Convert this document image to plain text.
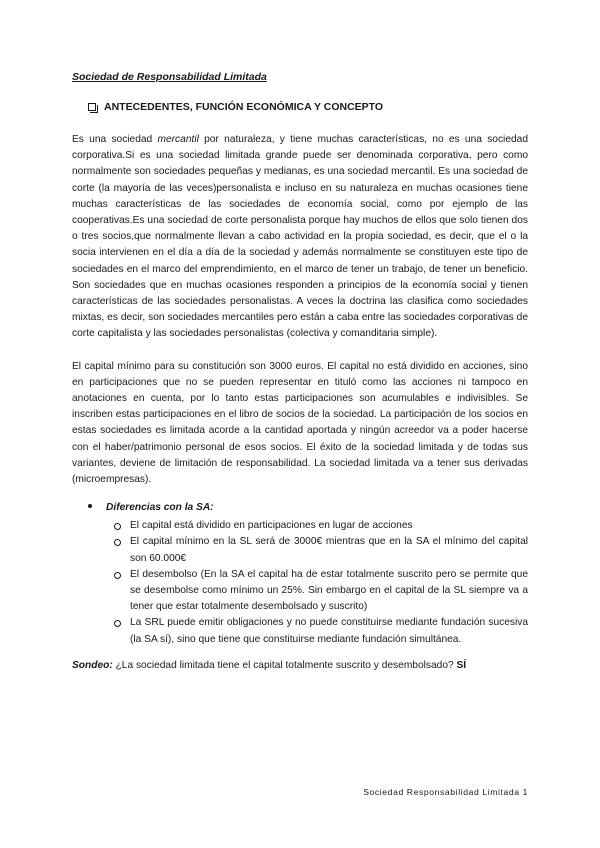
Sociedad de Responsabilidad Limitada
ANTECEDENTES, FUNCIÓN ECONÓMICA Y CONCEPTO

Es una sociedad mercantil por naturaleza, y tiene muchas características, no es una sociedad corporativa.Si es una sociedad limitada grande puede ser denominada corporativa, pero como normalmente son sociedades pequeñas y medianas, es una sociedad mercantil. Es una sociedad de corte (la mayoría de las veces)personalista e incluso en su naturaleza en muchas ocasiones tiene muchas características de las sociedades de economía social, como por ejemplo de las cooperativas.Es una sociedad de corte personalista porque hay muchos de ellos que solo tienen dos o tres socios,que normalmente llevan a cabo actividad en la propia sociedad, es decir, que el o la socia intervienen en el día a día de la sociedad y además normalmente se constituyen este tipo de sociedades en el marco del emprendimiento, en el marco de tener un trabajo, de tener un beneficio. Son sociedades que en muchas ocasiones responden a principios de la economía social y tienen características de las sociedades personalistas. A veces la doctrina las clasifica como sociedades mixtas, es decir, son sociedades mercantiles pero están a caba entre las sociedades corporativas de corte capitalista y las sociedades personalistas (colectiva y comanditaria simple).

El capital mínimo para su constitución son 3000 euros. El capital no está dividido en acciones, sino en participaciones que no se pueden representar en tituló como las acciones ni tampoco en anotaciones en cuenta, por lo tanto estas participaciones son acumulables e indivisibles. Se inscriben estas participaciones en el libro de socios de la sociedad. La participación de los socios en estas sociedades es limitada acorde a la cantidad aportada y ningún acreedor va a poder hacerse con el haber/patrimonio personal de esos socios. El éxito de la sociedad limitada y de todas sus variantes, deviene de limitación de responsabilidad. La sociedad limitada va a tener sus derivadas (microempresas).

Diferencias con la SA:
El capital está dividido en participaciones en lugar de acciones
El capital mínimo en la SL será de 3000€ mientras que en la SA el mínimo del capital son 60.000€
El desembolso (En la SA el capital ha de estar totalmente suscrito pero se permite que se desembolse como mínimo un 25%. Sin embargo en el capital de la SL siempre va a tener que estar totalmente desembolsado y suscrito)
La SRL puede emitir obligaciones y no puede constituirse mediante fundación sucesiva (la SA sí), sino que tiene que constituirse mediante fundación simultánea.
Sondeo: ¿La sociedad limitada tiene el capital totalmente suscrito y desembolsado? SÍ
Sociedad Responsabilidad Limitada 1
